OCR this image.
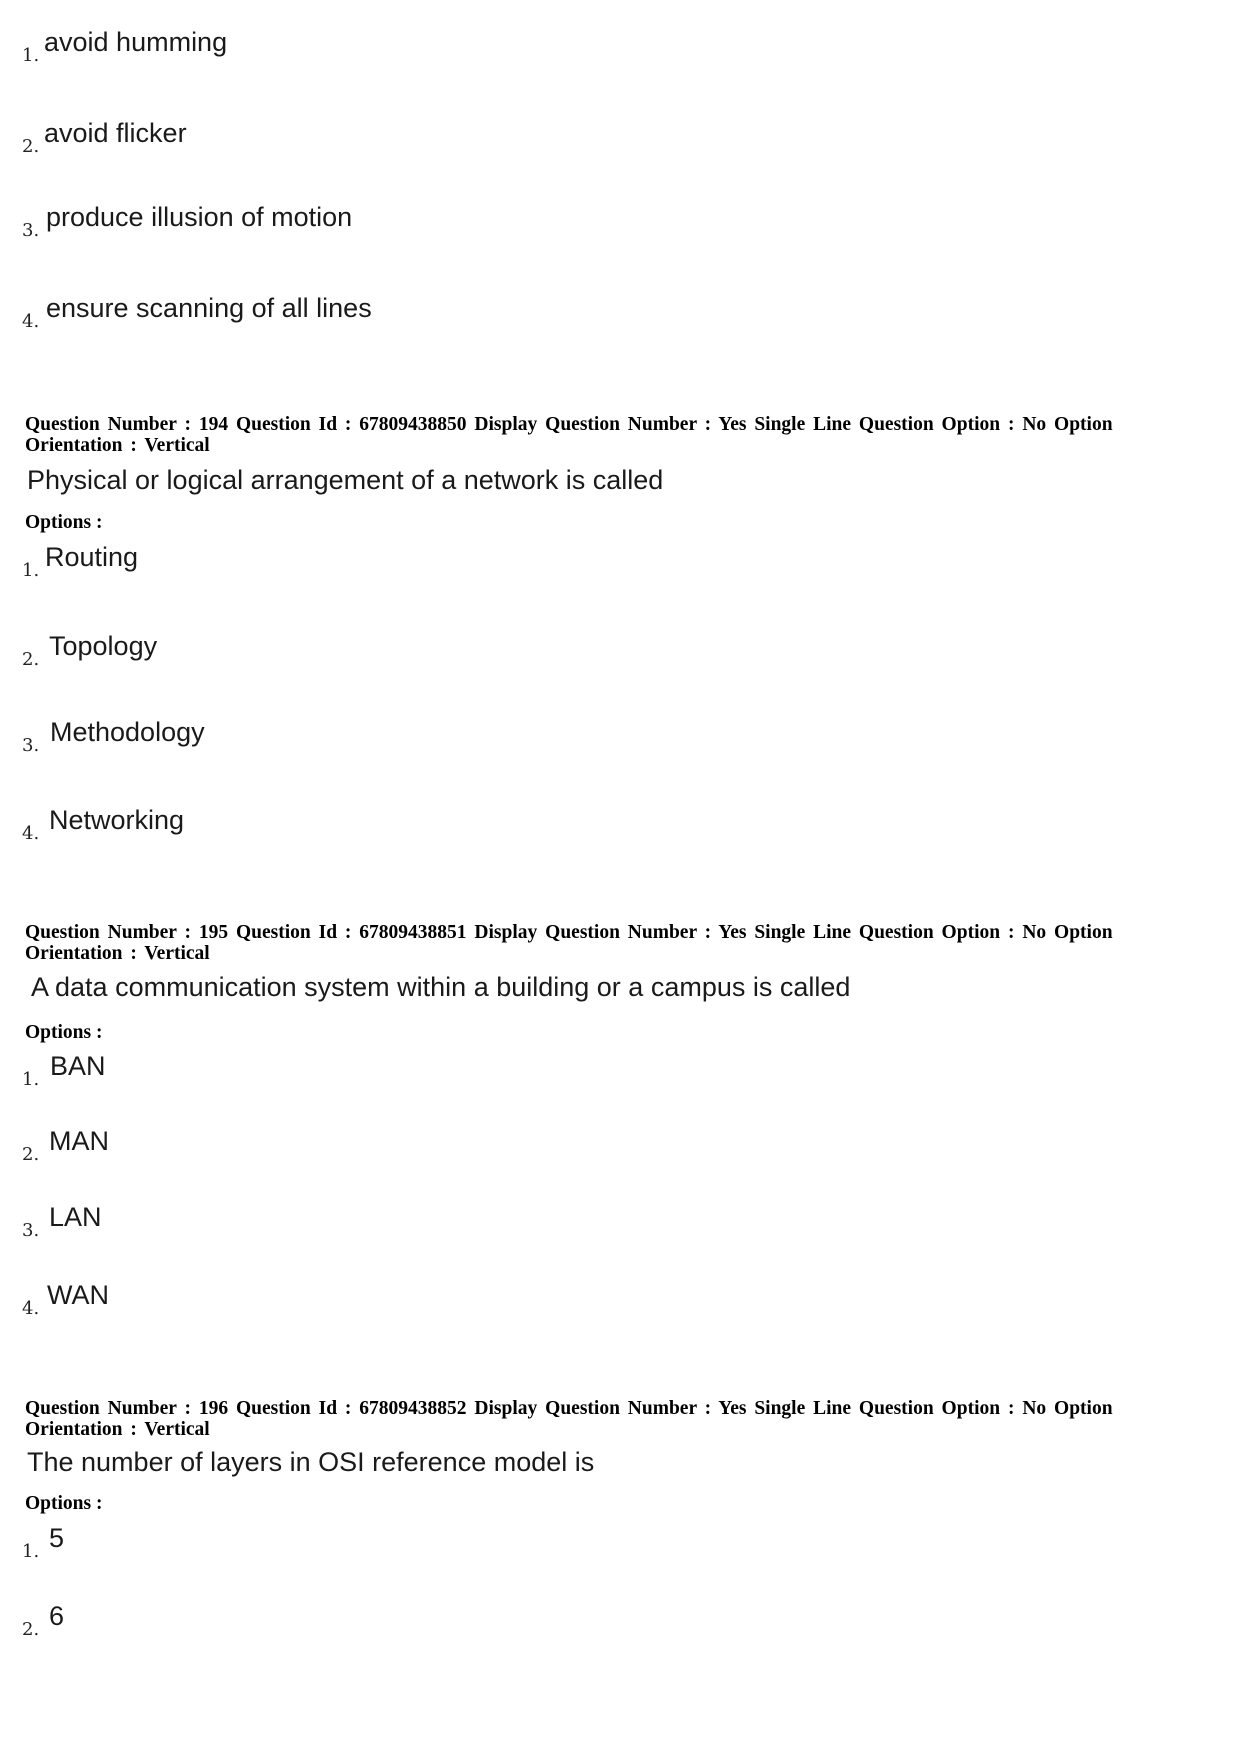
1. avoid humming
2. avoid flicker
3. produce illusion of motion
4. ensure scanning of all lines
Question Number : 194 Question Id : 67809438850 Display Question Number : Yes Single Line Question Option : No Option Orientation : Vertical
Physical or logical arrangement of a network is called
Options :
1. Routing
2. Topology
3. Methodology
4. Networking
Question Number : 195 Question Id : 67809438851 Display Question Number : Yes Single Line Question Option : No Option Orientation : Vertical
A data communication system within a building or a campus is called
Options :
1. BAN
2. MAN
3. LAN
4. WAN
Question Number : 196 Question Id : 67809438852 Display Question Number : Yes Single Line Question Option : No Option Orientation : Vertical
The number of layers in OSI reference model is
Options :
1. 5
2. 6
